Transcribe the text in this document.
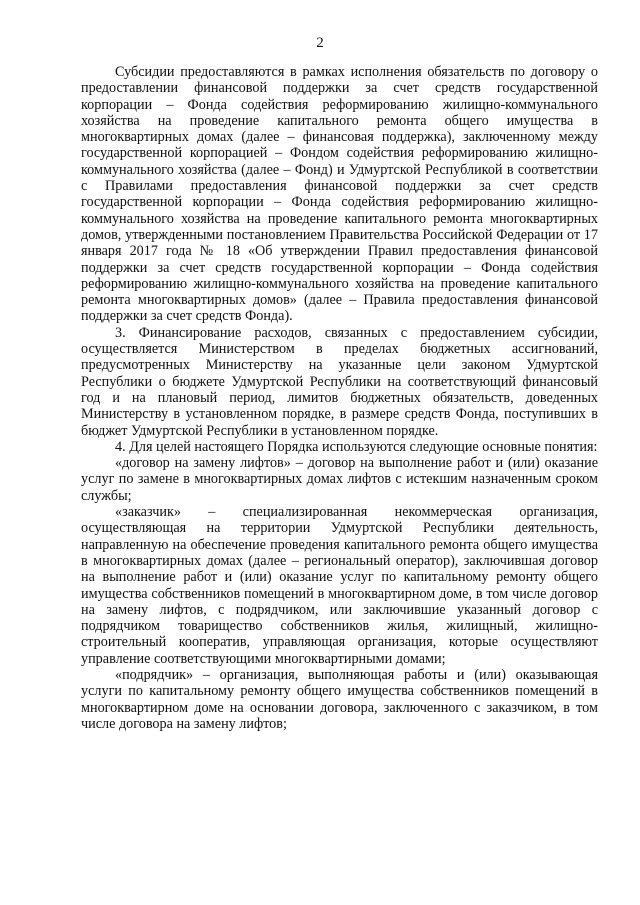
2

Субсидии предоставляются в рамках исполнения обязательств по договору о предоставлении финансовой поддержки за счет средств государственной корпорации – Фонда содействия реформированию жилищно-коммунального хозяйства на проведение капитального ремонта общего имущества в многоквартирных домах (далее – финансовая поддержка), заключенному между государственной корпорацией – Фондом содействия реформированию жилищно-коммунального хозяйства (далее – Фонд) и Удмуртской Республикой в соответствии с Правилами предоставления финансовой поддержки за счет средств государственной корпорации – Фонда содействия реформированию жилищно-коммунального хозяйства на проведение капитального ремонта многоквартирных домов, утвержденными постановлением Правительства Российской Федерации от 17 января 2017 года № 18 «Об утверждении Правил предоставления финансовой поддержки за счет средств государственной корпорации – Фонда содействия реформированию жилищно-коммунального хозяйства на проведение капитального ремонта многоквартирных домов» (далее – Правила предоставления финансовой поддержки за счет средств Фонда).

3. Финансирование расходов, связанных с предоставлением субсидии, осуществляется Министерством в пределах бюджетных ассигнований, предусмотренных Министерству на указанные цели законом Удмуртской Республики о бюджете Удмуртской Республики на соответствующий финансовый год и на плановый период, лимитов бюджетных обязательств, доведенных Министерству в установленном порядке, в размере средств Фонда, поступивших в бюджет Удмуртской Республики в установленном порядке.

4. Для целей настоящего Порядка используются следующие основные понятия:

«договор на замену лифтов» – договор на выполнение работ и (или) оказание услуг по замене в многоквартирных домах лифтов с истекшим назначенным сроком службы;

«заказчик» – специализированная некоммерческая организация, осуществляющая на территории Удмуртской Республики деятельность, направленную на обеспечение проведения капитального ремонта общего имущества в многоквартирных домах (далее – региональный оператор), заключившая договор на выполнение работ и (или) оказание услуг по капитальному ремонту общего имущества собственников помещений в многоквартирном доме, в том числе договор на замену лифтов, с подрядчиком, или заключившие указанный договор с подрядчиком товарищество собственников жилья, жилищный, жилищно-строительный кооператив, управляющая организация, которые осуществляют управление соответствующими многоквартирными домами;

«подрядчик» – организация, выполняющая работы и (или) оказывающая услуги по капитальному ремонту общего имущества собственников помещений в многоквартирном доме на основании договора, заключенного с заказчиком, в том числе договора на замену лифтов;
